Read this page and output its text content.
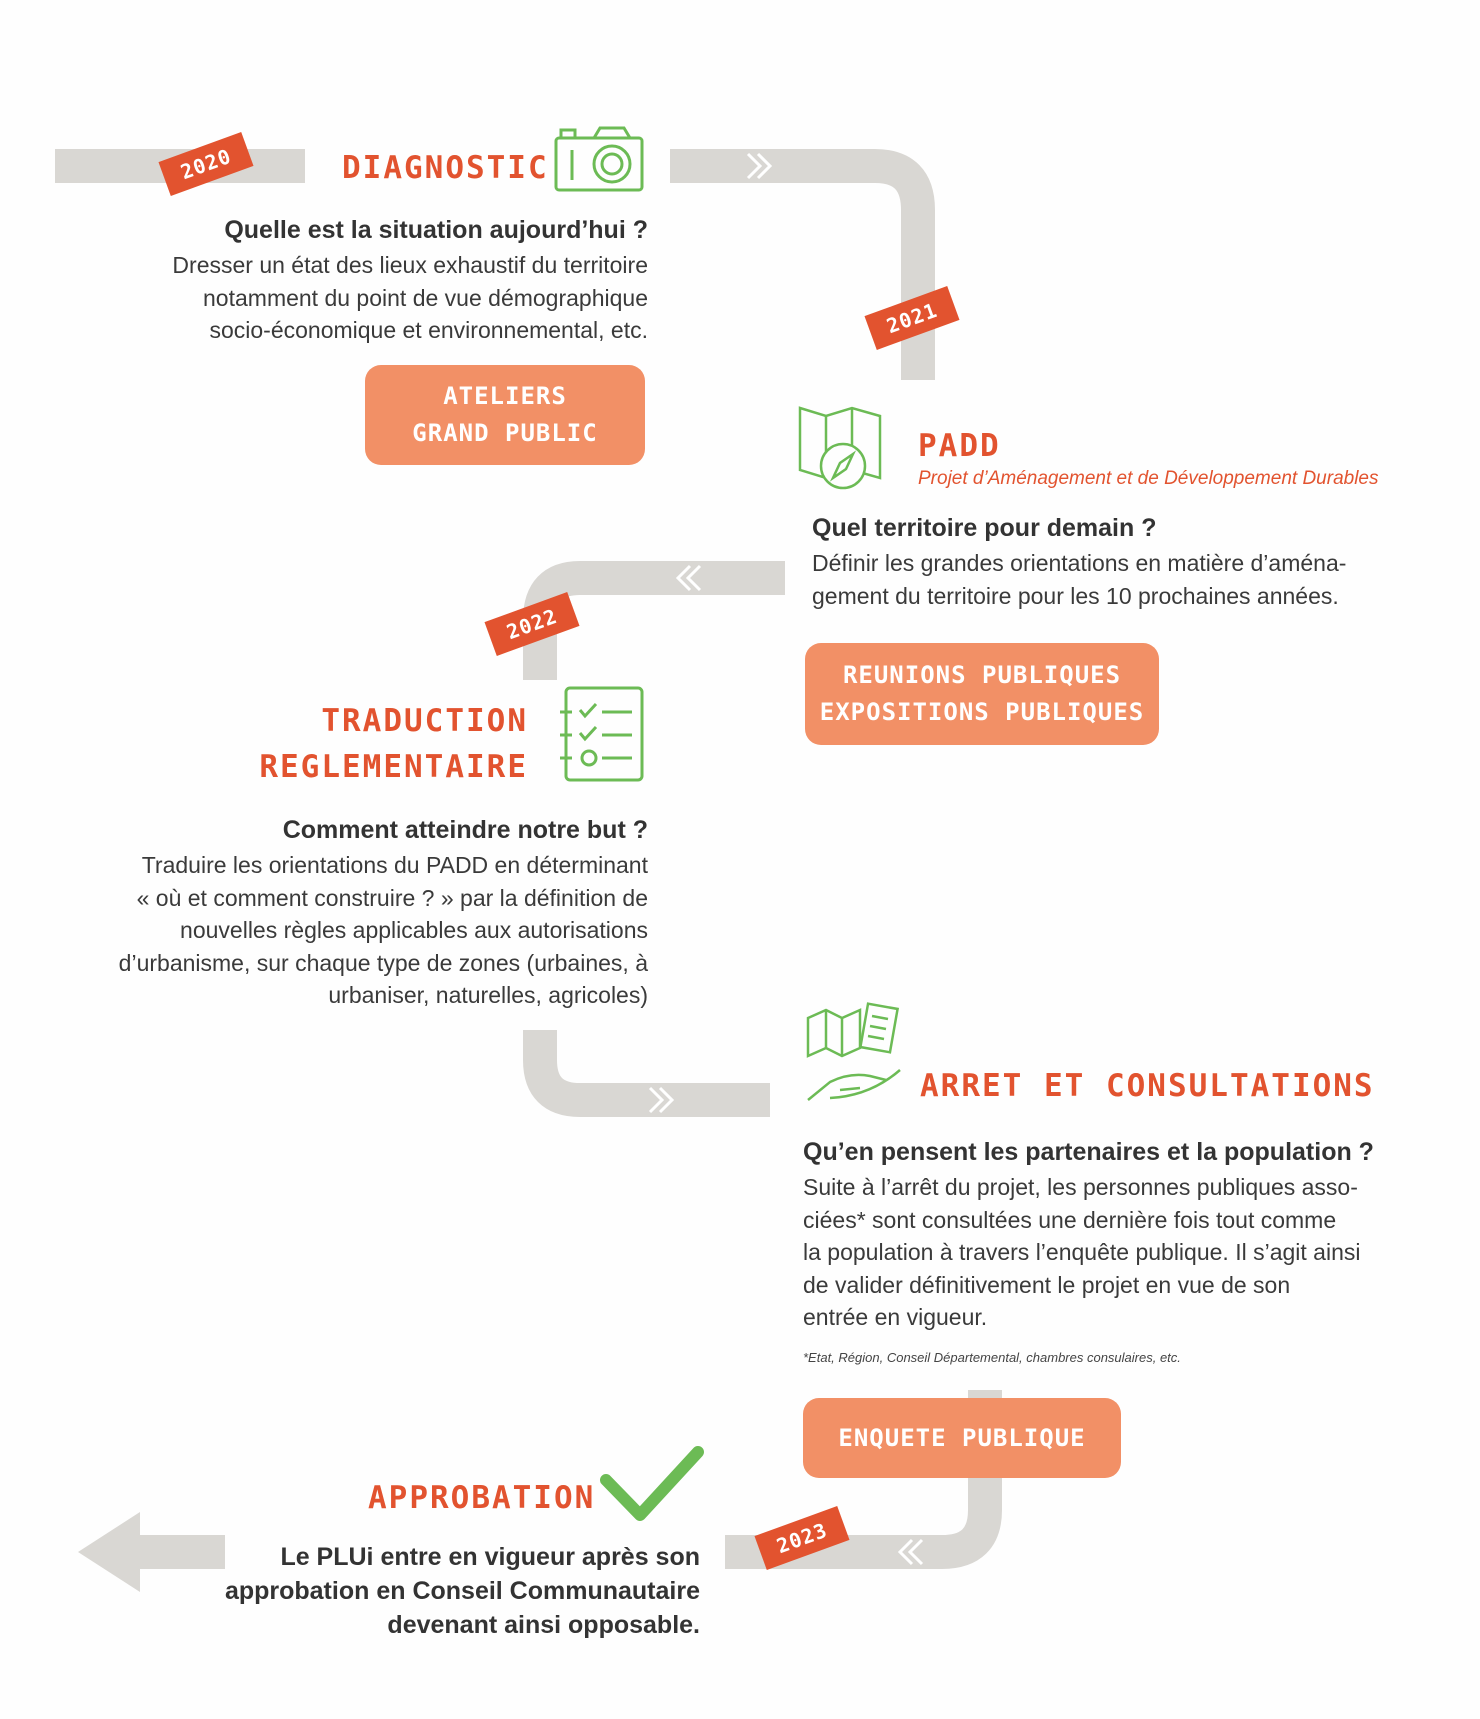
2020
2021
2022
2023
DIAGNOSTIC
Quelle est la situation aujourd’hui ?
Dresser un état des lieux exhaustif du territoire
notamment du point de vue démographique
socio-économique et environnemental, etc.
ATELIERS
GRAND PUBLIC	PADD
Projet d’Aménagement et de Développement Durables
Quel territoire pour demain ?
Définir les grandes orientations en matière d’aména-
gement du territoire pour les 10 prochaines années.
REUNIONS PUBLIQUES
EXPOSITIONS PUBLIQUES
TRADUCTION
REGLEMENTAIRE
Comment atteindre notre but ?
Traduire les orientations du PADD en déterminant
« où et comment construire ? » par la définition de
nouvelles règles applicables aux autorisations
d’urbanisme, sur chaque type de zones (urbaines, à
urbaniser, naturelles, agricoles)
ARRET ET CONSULTATIONS
Qu’en pensent les partenaires et la population ?
Suite à l’arrêt du projet, les personnes publiques asso-
ciées* sont consultées une dernière fois tout comme
la population à travers l’enquête publique. Il s’agit ainsi
de valider définitivement le projet en vue de son
entrée en vigueur.
*Etat, Région, Conseil Départemental, chambres consulaires, etc.
ENQUETE PUBLIQUE
APPROBATION
Le PLUi entre en vigueur après son
approbation en Conseil Communautaire
devenant ainsi opposable.
